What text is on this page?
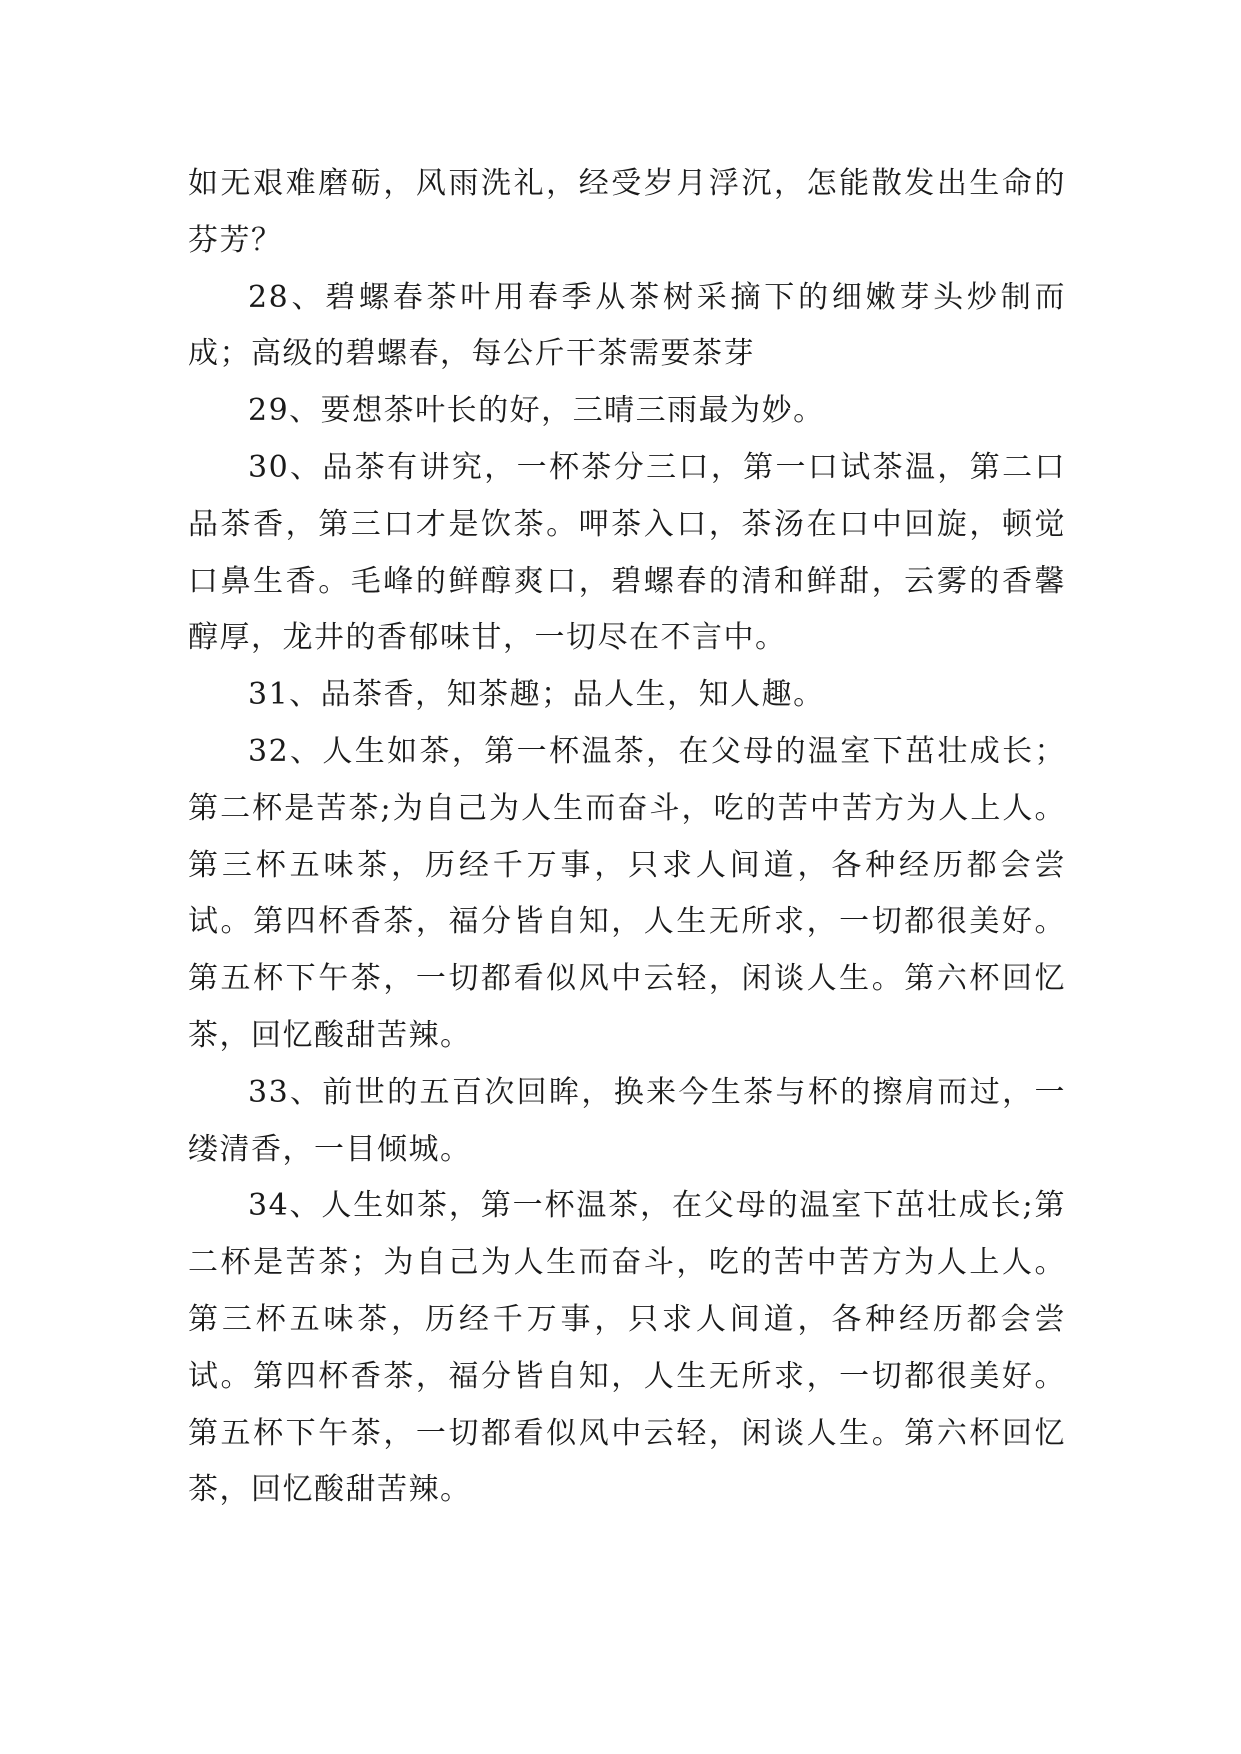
如无艰难磨砺，风雨洗礼，经受岁月浮沉，怎能散发出生命的芬芳？

28、碧螺春茶叶用春季从茶树采摘下的细嫩芽头炒制而成；高级的碧螺春，每公斤干茶需要茶芽

29、要想茶叶长的好，三晴三雨最为妙。

30、品茶有讲究，一杯茶分三口，第一口试茶温，第二口品茶香，第三口才是饮茶。呷茶入口，茶汤在口中回旋，顿觉口鼻生香。毛峰的鲜醇爽口，碧螺春的清和鲜甜，云雾的香馨醇厚，龙井的香郁味甘，一切尽在不言中。

31、品茶香，知茶趣；品人生，知人趣。

32、人生如茶，第一杯温茶，在父母的温室下茁壮成长；第二杯是苦茶;为自己为人生而奋斗，吃的苦中苦方为人上人。第三杯五味茶，历经千万事，只求人间道，各种经历都会尝试。第四杯香茶，福分皆自知，人生无所求，一切都很美好。第五杯下午茶，一切都看似风中云轻，闲谈人生。第六杯回忆茶，回忆酸甜苦辣。

33、前世的五百次回眸，换来今生茶与杯的擦肩而过，一缕清香，一目倾城。

34、人生如茶，第一杯温茶，在父母的温室下茁壮成长;第二杯是苦茶；为自己为人生而奋斗，吃的苦中苦方为人上人。第三杯五味茶，历经千万事，只求人间道，各种经历都会尝试。第四杯香茶，福分皆自知，人生无所求，一切都很美好。第五杯下午茶，一切都看似风中云轻，闲谈人生。第六杯回忆茶，回忆酸甜苦辣。
